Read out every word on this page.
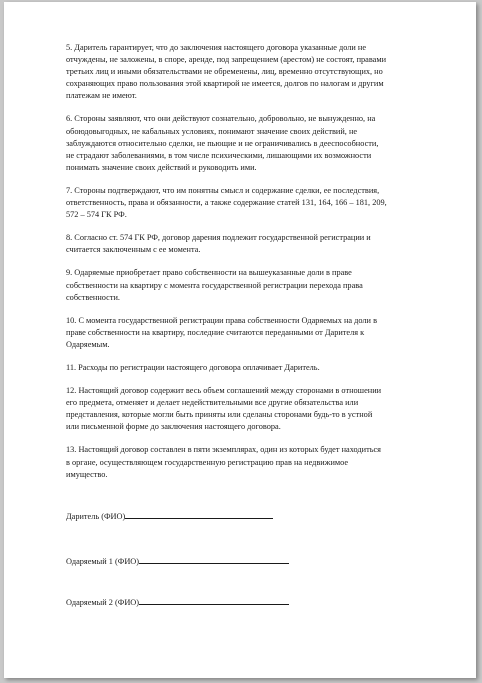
5. Даритель гарантирует, что до заключения настоящего договора указанные доли не
отчуждены, не заложены, в споре, аренде, под запрещением (арестом) не состоят, правами
третьих лиц и иными обязательствами не обременены, лиц, временно отсутствующих, но
сохраняющих право пользования этой квартирой не имеется, долгов по налогам и другим
платежам не имеют.
6. Стороны заявляют, что они действуют сознательно, добровольно, не вынужденно, на
обоюдовыгодных, не кабальных условиях, понимают значение своих действий, не
заблуждаются относительно сделки, не пьющие и не ограничивались в дееспособности,
не страдают заболеваниями, в том числе психическими, лишающими их возможности
понимать значение своих действий и руководить ими.
7. Стороны подтверждают, что им понятны смысл и содержание сделки, ее последствия,
ответственность, права и обязанности, а также содержание статей 131, 164, 166 – 181, 209,
572 – 574 ГК РФ.
8. Согласно ст. 574 ГК РФ, договор дарения подлежит государственной регистрации и
считается заключенным с ее момента.
9. Одаряемые приобретает право собственности на вышеуказанные доли в праве
собственности на квартиру с момента государственной регистрации перехода права
собственности.
10. С момента государственной регистрации права собственности Одаряемых на доли в
праве собственности на квартиру, последние считаются переданными от Дарителя к
Одаряемым.
11. Расходы по регистрации настоящего договора оплачивает Даритель.
12. Настоящий договор содержит весь объем соглашений между сторонами в отношении
его предмета, отменяет и делает недействительными все другие обязательства или
представления, которые могли быть приняты или сделаны сторонами будь-то в устной
или письменной форме до заключения настоящего договора.
13. Настоящий договор составлен в пяти экземплярах, один из которых будет находиться
в органе, осуществляющем государственную регистрацию прав на недвижимое
имущество.
Даритель (ФИО)
Одаряемый 1 (ФИО)
Одаряемый 2 (ФИО)
